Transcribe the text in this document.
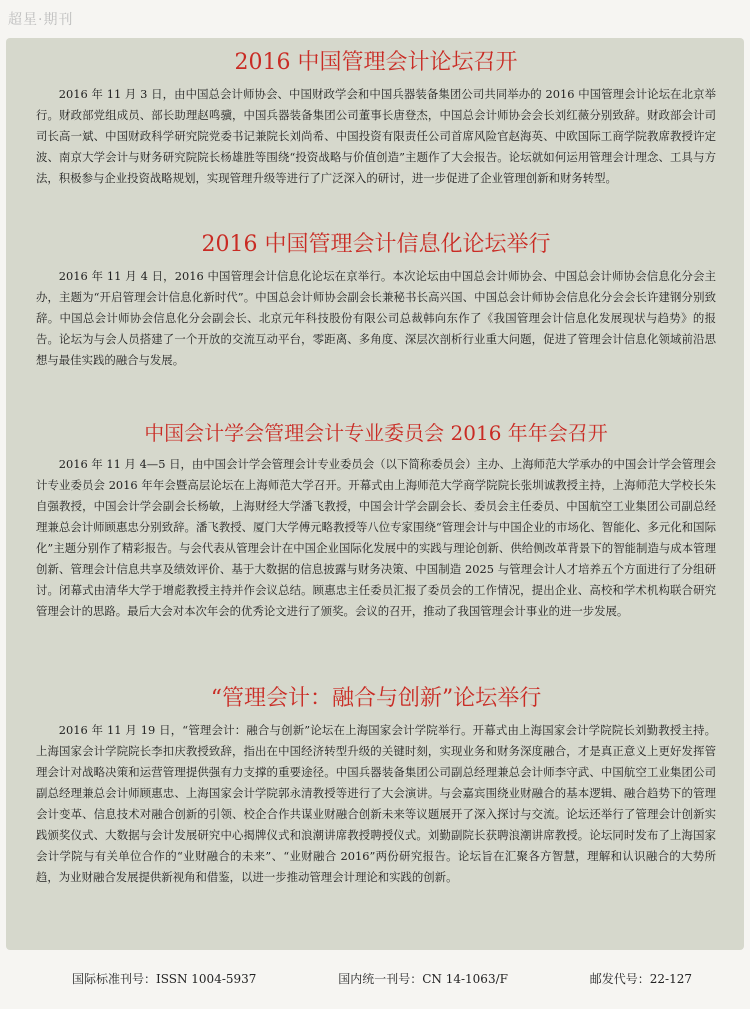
超星·期刊
2016 中国管理会计论坛召开

2016 年 11 月 3 日，由中国总会计师协会、中国财政学会和中国兵器装备集团公司共同举办的 2016 中国管理会计论坛在北京举行。财政部党组成员、部长助理赵鸣骥，中国兵器装备集团公司董事长唐登杰，中国总会计师协会会长刘红薇分别致辞。财政部会计司司长高一斌、中国财政科学研究院党委书记兼院长刘尚希、中国投资有限责任公司首席风险官赵海英、中欧国际工商学院教席教授许定波、南京大学会计与财务研究院院长杨雄胜等围绕“投资战略与价值创造”主题作了大会报告。论坛就如何运用管理会计理念、工具与方法，积极参与企业投资战略规划，实现管理升级等进行了广泛深入的研讨，进一步促进了企业管理创新和财务转型。

2016 中国管理会计信息化论坛举行

2016 年 11 月 4 日，2016 中国管理会计信息化论坛在京举行。本次论坛由中国总会计师协会、中国总会计师协会信息化分会主办，主题为“开启管理会计信息化新时代”。中国总会计师协会副会长兼秘书长高兴国、中国总会计师协会信息化分会会长许建钢分别致辞。中国总会计师协会信息化分会副会长、北京元年科技股份有限公司总裁韩向东作了《我国管理会计信息化发展现状与趋势》的报告。论坛为与会人员搭建了一个开放的交流互动平台，零距离、多角度、深层次剖析行业重大问题，促进了管理会计信息化领域前沿思想与最佳实践的融合与发展。

中国会计学会管理会计专业委员会 2016 年年会召开

2016 年 11 月 4—5 日，由中国会计学会管理会计专业委员会（以下简称委员会）主办、上海师范大学承办的中国会计学会管理会计专业委员会 2016 年年会暨高层论坛在上海师范大学召开。开幕式由上海师范大学商学院院长张圳诚教授主持，上海师范大学校长朱自强教授，中国会计学会副会长杨敏，上海财经大学潘飞教授，中国会计学会副会长、委员会主任委员、中国航空工业集团公司副总经理兼总会计师顾惠忠分别致辞。潘飞教授、厦门大学傅元略教授等八位专家围绕“管理会计与中国企业的市场化、智能化、多元化和国际化”主题分别作了精彩报告。与会代表从管理会计在中国企业国际化发展中的实践与理论创新、供给侧改革背景下的智能制造与成本管理创新、管理会计信息共享及绩效评价、基于大数据的信息披露与财务决策、中国制造 2025 与管理会计人才培养五个方面进行了分组研讨。闭幕式由清华大学于增彪教授主持并作会议总结。顾惠忠主任委员汇报了委员会的工作情况，提出企业、高校和学术机构联合研究管理会计的思路。最后大会对本次年会的优秀论文进行了颁奖。会议的召开，推动了我国管理会计事业的进一步发展。

“管理会计：融合与创新”论坛举行

2016 年 11 月 19 日，“管理会计：融合与创新”论坛在上海国家会计学院举行。开幕式由上海国家会计学院院长刘勤教授主持。上海国家会计学院院长李扣庆教授致辞，指出在中国经济转型升级的关键时刻，实现业务和财务深度融合，才是真正意义上更好发挥管理会计对战略决策和运营管理提供强有力支撑的重要途径。中国兵器装备集团公司副总经理兼总会计师李守武、中国航空工业集团公司副总经理兼总会计师顾惠忠、上海国家会计学院郭永清教授等进行了大会演讲。与会嘉宾围绕业财融合的基本逻辑、融合趋势下的管理会计变革、信息技术对融合创新的引领、校企合作共谋业财融合创新未来等议题展开了深入探讨与交流。论坛还举行了管理会计创新实践颁奖仪式、大数据与会计发展研究中心揭牌仪式和浪潮讲席教授聘授仪式。刘勤副院长获聘浪潮讲席教授。论坛同时发布了上海国家会计学院与有关单位合作的“业财融合的未来”、“业财融合 2016”两份研究报告。论坛旨在汇聚各方智慧，理解和认识融合的大势所趋，为业财融合发展提供新视角和借鉴，以进一步推动管理会计理论和实践的创新。

国际标准刊号：ISSN 1004-5937	国内统一刊号：CN 14-1063/F	邮发代号：22-127
